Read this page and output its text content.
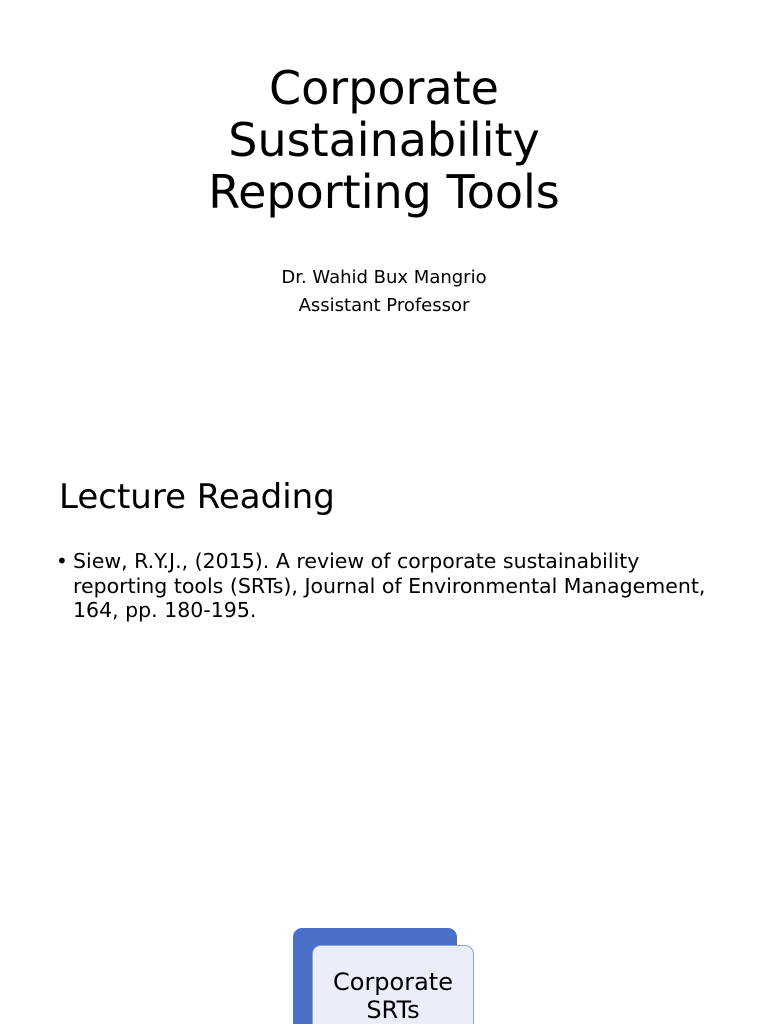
Corporate
Sustainability
Reporting Tools
Dr. Wahid Bux Mangrio
Assistant Professor
Lecture Reading
• Siew, R.Y.J., (2015). A review of corporate sustainability reporting tools (SRTs), Journal of Environmental Management, 164, pp. 180-195.
Corporate
SRTs
